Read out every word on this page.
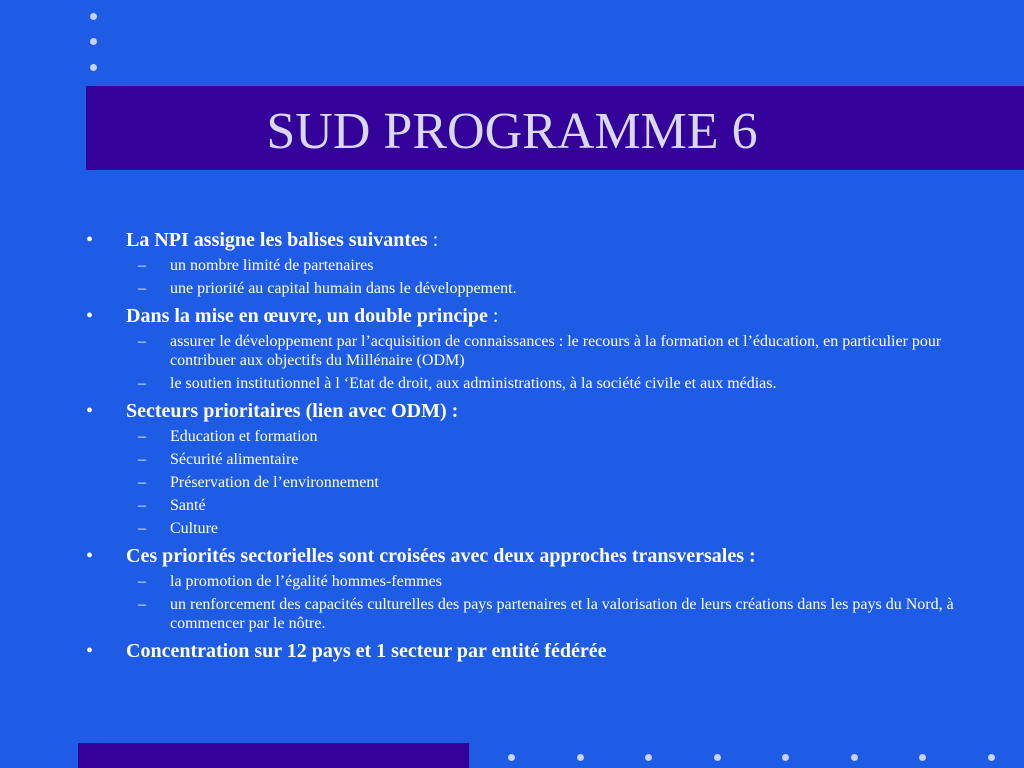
SUD PROGRAMME 6
• La NPI assigne les balises suivantes :
– un nombre limité de partenaires
– une priorité au capital humain dans le développement.
• Dans la mise en œuvre, un double principe :
– assurer le développement par l’acquisition de connaissances : le recours à la formation et l’éducation, en particulier pour contribuer aux objectifs du Millénaire (ODM)
– le soutien institutionnel à l ‘Etat de droit, aux administrations, à la société civile et aux médias.
• Secteurs prioritaires (lien avec ODM) :
– Education et formation
– Sécurité alimentaire
– Préservation de l’environnement
– Santé
– Culture
• Ces priorités sectorielles sont croisées avec deux approches transversales :
– la promotion de l’égalité hommes-femmes
– un renforcement des capacités culturelles des pays partenaires et la valorisation de leurs créations dans les pays du Nord, à commencer par le nôtre.
• Concentration sur 12 pays et 1 secteur par entité fédérée
